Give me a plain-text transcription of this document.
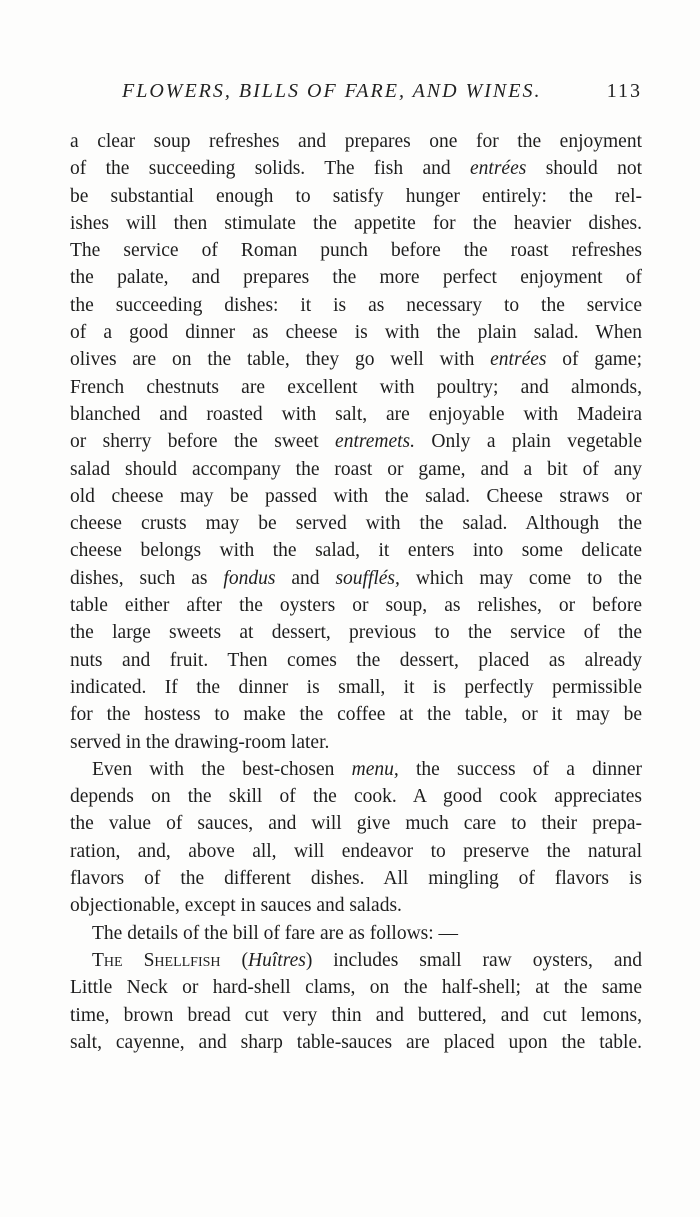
FLOWERS, BILLS OF FARE, AND WINES.	113
a clear soup refreshes and prepares one for the enjoyment
of the succeeding solids. The fish and entrées should not
be substantial enough to satisfy hunger entirely: the rel-
ishes will then stimulate the appetite for the heavier dishes.
The service of Roman punch before the roast refreshes
the palate, and prepares the more perfect enjoyment of
the succeeding dishes: it is as necessary to the service
of a good dinner as cheese is with the plain salad. When
olives are on the table, they go well with entrées of game;
French chestnuts are excellent with poultry; and almonds,
blanched and roasted with salt, are enjoyable with Madeira
or sherry before the sweet entremets. Only a plain vegetable
salad should accompany the roast or game, and a bit of any
old cheese may be passed with the salad. Cheese straws or
cheese crusts may be served with the salad. Although the
cheese belongs with the salad, it enters into some delicate
dishes, such as fondus and soufflés, which may come to the
table either after the oysters or soup, as relishes, or before
the large sweets at dessert, previous to the service of the
nuts and fruit. Then comes the dessert, placed as already
indicated. If the dinner is small, it is perfectly permissible
for the hostess to make the coffee at the table, or it may be
served in the drawing-room later.
Even with the best-chosen menu, the success of a dinner
depends on the skill of the cook. A good cook appreciates
the value of sauces, and will give much care to their prepa-
ration, and, above all, will endeavor to preserve the natural
flavors of the different dishes. All mingling of flavors is
objectionable, except in sauces and salads.
The details of the bill of fare are as follows: —
The Shellfish (Huîtres) includes small raw oysters, and
Little Neck or hard-shell clams, on the half-shell; at the same
time, brown bread cut very thin and buttered, and cut lemons,
salt, cayenne, and sharp table-sauces are placed upon the table.
